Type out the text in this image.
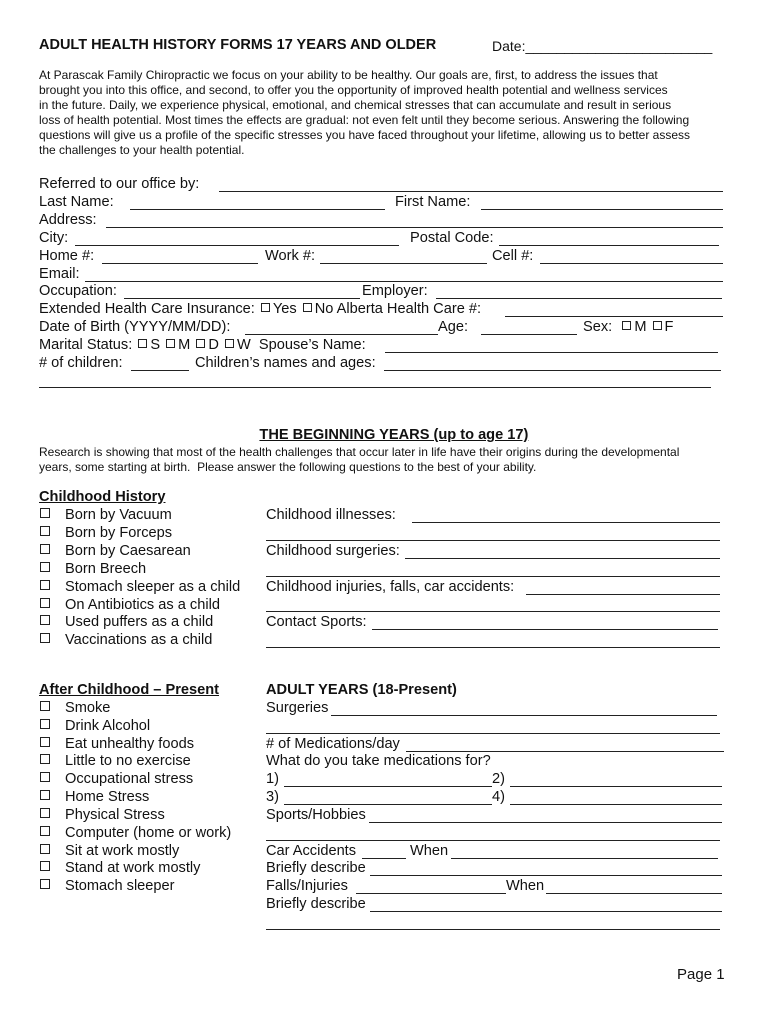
ADULT HEALTH HISTORY FORMS 17 YEARS AND OLDER	Date:________________________
At Parascak Family Chiropractic we focus on your ability to be healthy. Our goals are, first, to address the issues that
brought you into this office, and second, to offer you the opportunity of improved health potential and wellness services
in the future. Daily, we experience physical, emotional, and chemical stresses that can accumulate and result in serious
loss of health potential. Most times the effects are gradual: not even felt until they become serious. Answering the following
questions will give us a profile of the specific stresses you have faced throughout your lifetime, allowing us to better assess
the challenges to your health potential.
Referred to our office by:
Last Name:	First Name:
Address:
City:	Postal Code:
Home #:	Work #:	Cell #:
Email:
Occupation:	Employer:
Extended Health Care Insurance: Yes No Alberta Health Care #:
Date of Birth (YYYY/MM/DD):	Age:	Sex: M F
Marital Status: S M D W Spouse’s Name:
# of children:	Children’s names and ages:

THE BEGINNING YEARS (up to age 17)

Research is showing that most of the health challenges that occur later in life have their origins during the developmental
years, some starting at birth.  Please answer the following questions to the best of your ability.
Childhood History
Born by Vacuum
Born by Forceps
Born by Caesarean
Born Breech
Stomach sleeper as a child
On Antibiotics as a child
Used puffers as a child
Vaccinations as a child
Childhood illnesses:
Childhood surgeries:
Childhood injuries, falls, car accidents:
Contact Sports:
After Childhood – Present
Smoke
Drink Alcohol
Eat unhealthy foods
Little to no exercise
Occupational stress
Home Stress
Physical Stress
Computer (home or work)
Sit at work mostly
Stand at work mostly
Stomach sleeper
ADULT YEARS (18-Present)
Surgeries
# of Medications/day
What do you take medications for?
1)	2)
3)	4)
Sports/Hobbies
Car Accidents	When
Briefly describe
Falls/Injuries	When
Briefly describe
Page 1
